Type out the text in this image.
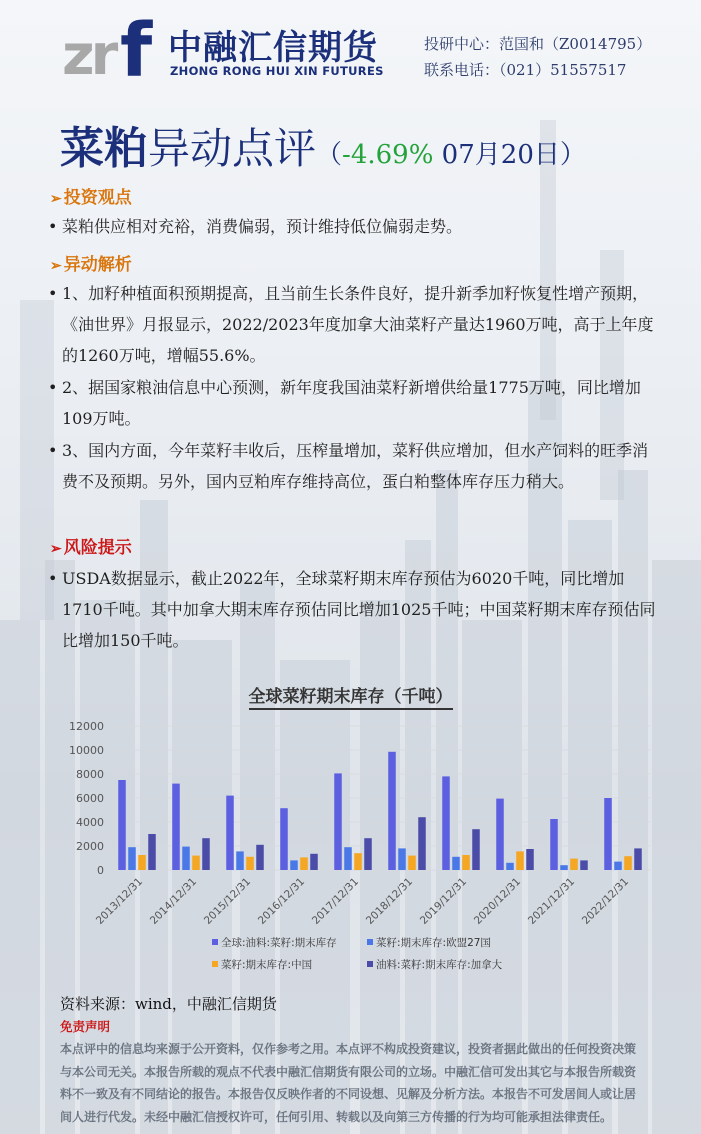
zr f 中融汇信期货
ZHONG RONG HUI XIN FUTURES
投研中心：范国和（Z0014795）
联系电话：（021）51557517
菜粕异动点评（-4.69% 07月20日）
➢ 投资观点
• 菜粕供应相对充裕，消费偏弱，预计维持低位偏弱走势。
➢ 异动解析
• 1、加籽种植面积预期提高，且当前生长条件良好，提升新季加籽恢复性增产预期，《油世界》月报显示，2022/2023年度加拿大油菜籽产量达1960万吨，高于上年度的1260万吨，增幅55.6%。
• 2、据国家粮油信息中心预测，新年度我国油菜籽新增供给量1775万吨，同比增加109万吨。
• 3、国内方面，今年菜籽丰收后，压榨量增加，菜籽供应增加，但水产饲料的旺季消费不及预期。另外，国内豆粕库存维持高位，蛋白粕整体库存压力稍大。
➢ 风险提示
• USDA数据显示，截止2022年，全球菜籽期末库存预估为6020千吨，同比增加1710千吨。其中加拿大期末库存预估同比增加1025千吨；中国菜籽期末库存预估同比增加150千吨。
全球菜籽期末库存（千吨）
0
2000
4000
6000
8000
10000
12000
2013/12/31 2014/12/31 2015/12/31 2016/12/31 2017/12/31 2018/12/31 2019/12/31 2020/12/31 2021/12/31 2022/12/31
全球:油料:菜籽:期末库存	菜籽:期末库存:欧盟27国
菜籽:期末库存:中国	油料:菜籽:期末库存:加拿大
资料来源：wind，中融汇信期货
免责声明
本点评中的信息均来源于公开资料，仅作参考之用。本点评不构成投资建议，投资者据此做出的任何投资决策与本公司无关。本报告所载的观点不代表中融汇信期货有限公司的立场。中融汇信可发出其它与本报告所载资料不一致及有不同结论的报告。本报告仅反映作者的不同设想、见解及分析方法。本报告不可发居间人或让居间人进行代发。未经中融汇信授权许可，任何引用、转载以及向第三方传播的行为均可能承担法律责任。
